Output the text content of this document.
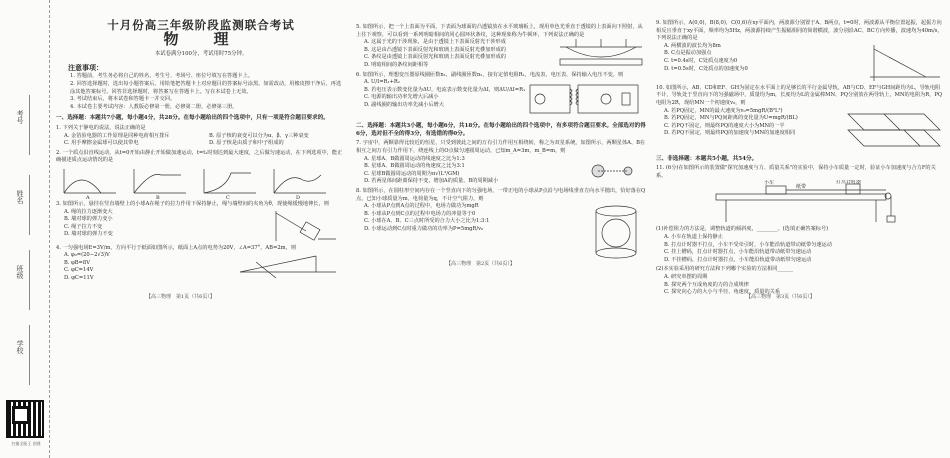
考号
姓名
班级
学校
扫描全能王 创建
十月份高三年级阶段监测联合考试
物　理
本试卷满分100分，考试用时75分钟。
注意事项：
1. 答题前，考生务必将自己的姓名、考生号、考场号、座位号填写在答题卡上。
2. 回答选择题时，选出每小题答案后，用铅笔把答题卡上对应题目的答案标号涂黑。如需改动，用橡皮擦干净后，再选涂其他答案标号。回答非选择题时，将答案写在答题卡上。写在本试卷上无效。
3. 考试结束后，将本试卷和答题卡一并交回。
4. 本试卷主要考试内容：人教版必修第一册，必修第二册，必修第三册。
一、选择题：本题共7小题，每小题4分，共28分。在每小题给出的四个选项中，只有一项是符合题目要求的。
1. 下列关于静电的说法，说法正确的是
A. 金箔验电器的工作原理是同种电荷相互排斥	B. 原子核的衰变可以分为α、β、γ三种衰变
C. 用手摩擦金属球可以使其带电	D. 原子核是由质子和中子组成的
2. 一个质点沿直线运动，从t=0开始由静止开始做加速运动，t=t₁时刻达到最大速度，之后做匀速运动，在下列选项中，能正确描述质点运动情况的是
A	B	C	D
3. 如图所示，悬挂在竖直墙壁上的小球A在绳子的拉力作用下保持静止，绳与墙壁间的夹角为θ，现使绳缓慢地伸长，则
A. 绳的拉力逐渐变大
B. 墙对球的弹力变小
C. 绳子拉力不变
D. 墙对球的弹力不变
4. 一匀强电场E=3V/m，方向平行于纸面如图所示，纸面上A点的电势为20V，∠A=37°，AB=2m，则
A. φ₀=(20−2√3)V
B. φB=8V
C. φC=14V
D. φC=11V
【高三物理　第1页（共6页）】
5. 如图所示，把一个上表面为平面，下表面为球面的凸透镜放在水平玻璃板上，现用单色光垂直于透镜的上表面向下照射，从上往下观察，可以看到一系列明暗相间的同心圆环状条纹，这种现象称为牛顿环，下列说法正确的是
A. 这属于光的干涉现象，是由于透镜上下表面反射光干涉形成
B. 这是由凸透镜下表面反射光和玻璃上表面反射光叠加形成的
C. 条纹是由透镜上表面反射光和玻璃上表面反射光叠加形成的
D. 明暗相间的条纹间距相等
6. 如图所示，理想变压器原线圈匝数n₁，副线圈匝数n₂，接有定值电阻R₁，电流表，电压表，保持输入电压不变，则
A. U/I=R₁+R₂
B. 若电压表示数变化量为ΔU，电流表示数变化量为ΔI，则ΔU/ΔI=R₁
C. 电源的输出功率先增大后减小
D. 副线圈的输出功率先减小后增大
二、选择题：本题共3小题，每小题6分，共18分。在每小题给出的四个选项中，有多项符合题目要求。全部选对的得6分，选对但不全的得3分，有选错的得0分。
7. 宇宙中，两颗靠得比较近的恒星，只受到彼此之间的万有引力作用互相绕转，称之为双星系统，如图所示，两颗星体A、B在相互之间万有引力作用下，绕连线上的O点做匀速圆周运动，已知m_A=3m，m_B=m，则
A. 星球A、B做圆周运动的线速度之比为1:3
B. 星球A、B做圆周运动的角速度之比为3:1
C. 星球B做圆周运动的周期为π√(L³/GM)
D. 若两星体间距离保持不变，增加A的质量，B的周期减小
8. 如图所示，在圆柱形空间内存在一个竖直向下的匀强电场，一带正电的小球从P点沿与电场线垂直方向水平抛出，恰好落在Q点，已知小球质量为m，电荷量为q，不计空气阻力，则
A. 小球从P点到A点的过程中，电场力做功为mgR
B. 小球从P点到C点的过程中电场力的冲量等于0
C. 小球在A、B、C三点时所受的合力大小之比为1:3:1
D. 小球运动到C点时重力做功的功率为P=5mgR/v₀
【高三物理　第2页（共6页）】
9. 如图所示，A(0,0)，B(8,0)，C(0,6)在xy平面内，两波源分别置于A、B两点，t=0时，两波源从平衡位置起振，起振方向相反且垂直于xy平面，频率均为5Hz，两波源持续产生振幅相同的简谐横波，波分别沿AC、BC方向传播，波速均为40m/s，下列说法正确的是
A. 两横波的波长均为8m
B. C点是振动加强点
C. t=0.4s时，C处质点速度为0
D. t=0.5s时，C处质点的加速度为0
10. 如图所示，AB、CD和EF、GH为固定在水平面上的足够长的平行金属导轨，AB与CD、EF与GH间距均为L，导轨电阻不计，导轨处于竖直向下的匀强磁场中，质量均为m，长度均为L的金属棒MN、PQ分别放在两导轨上，MN的电阻为R，PQ电阻为2R，现给MN一个初速度v₀，则
A. 若PQ固定，MN的最大速度为v₀=5mgR/(B²L²)
B. 若PQ固定，MN与PQ间距离的变化量为U=mgR/(BL)
C. 若PQ不固定，则最终PQ的速度大小为MN的一半
D. 若PQ不固定，则最终PQ的加速度与MN的加速度相同
三、非选择题：本题共5小题，共54分。
11. (6分)在如图所示的装置做"探究加速度与力、质量关系"的实验中，保持小车质量一定时，验证小车加速度与合力F的关系。
小车	打点计时器
纸带
(1)补偿阻力的方法是，调整轨道的倾斜度，________。(选填正确答案标号)
A. 小车在轨道上保持静止
B. 打点计时器不打点，小车不受牵引时，小车能沿轨道带动纸带匀速运动
C. 挂上槽码，打点计时器打点，小车能沿轨道带动纸带匀速运动
D. 不挂槽码，打点计时器打点，小车能沿轨道带动纸带匀速运动
(2)本实验采用的研究方法和下列哪个实验的方法相同______
A. 研究单摆的周期
B. 探究两个互成角度的力的合成规律
C. 探究向心力的大小与半径、角速度、质量的关系
【高三物理　第3页（共6页）】
